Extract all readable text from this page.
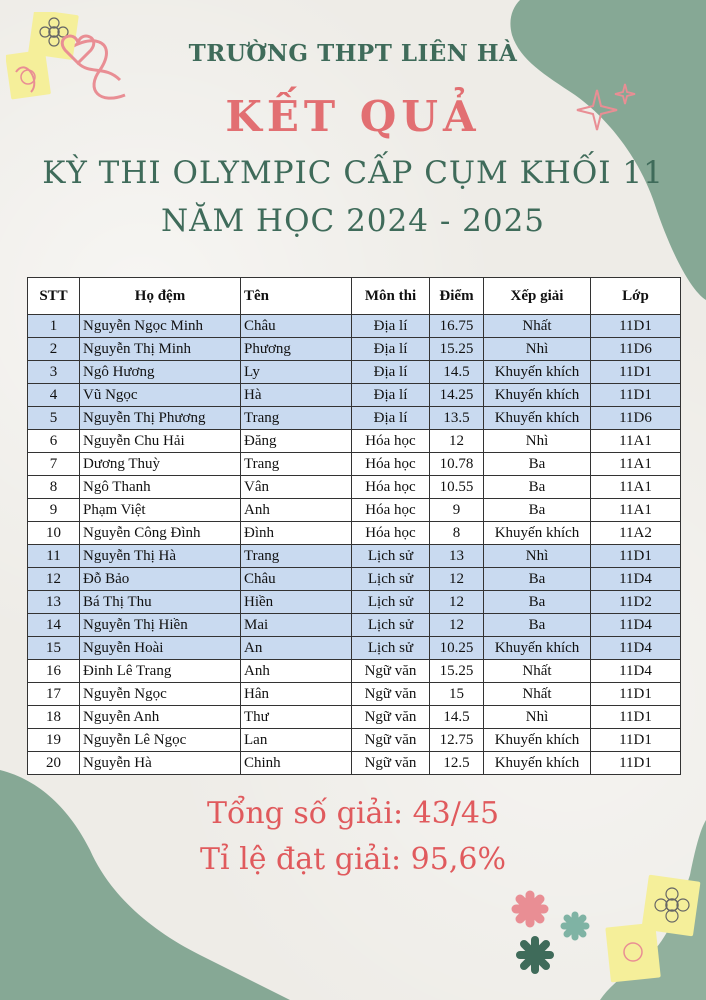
TRƯỜNG THPT LIÊN HÀ
KẾT QUẢ
KỲ THI OLYMPIC CẤP CỤM KHỐI 11
NĂM HỌC 2024 - 2025
STT	Họ đệm	Tên	Môn thi	Điểm	Xếp giải	Lớp
1	Nguyễn Ngọc Minh	Châu	Địa lí	16.75	Nhất	11D1
2	Nguyễn Thị Minh	Phương	Địa lí	15.25	Nhì	11D6
3	Ngô Hương	Ly	Địa lí	14.5	Khuyến khích	11D1
4	Vũ Ngọc	Hà	Địa lí	14.25	Khuyến khích	11D1
5	Nguyễn Thị Phương	Trang	Địa lí	13.5	Khuyến khích	11D6
6	Nguyễn Chu Hải	Đăng	Hóa học	12	Nhì	11A1
7	Dương Thuỳ	Trang	Hóa học	10.78	Ba	11A1
8	Ngô Thanh	Vân	Hóa học	10.55	Ba	11A1
9	Phạm Việt	Anh	Hóa học	9	Ba	11A1
10	Nguyễn Công Đình	Đình	Hóa học	8	Khuyến khích	11A2
11	Nguyễn Thị Hà	Trang	Lịch sử	13	Nhì	11D1
12	Đỗ Bảo	Châu	Lịch sử	12	Ba	11D4
13	Bá Thị Thu	Hiền	Lịch sử	12	Ba	11D2
14	Nguyễn Thị Hiền	Mai	Lịch sử	12	Ba	11D4
15	Nguyễn Hoài	An	Lịch sử	10.25	Khuyến khích	11D4
16	Đinh Lê Trang	Anh	Ngữ văn	15.25	Nhất	11D4
17	Nguyễn Ngọc	Hân	Ngữ văn	15	Nhất	11D1
18	Nguyễn Anh	Thư	Ngữ văn	14.5	Nhì	11D1
19	Nguyễn Lê Ngọc	Lan	Ngữ văn	12.75	Khuyến khích	11D1
20	Nguyễn Hà	Chinh	Ngữ văn	12.5	Khuyến khích	11D1
Tổng số giải: 43/45
Tỉ lệ đạt giải: 95,6%
